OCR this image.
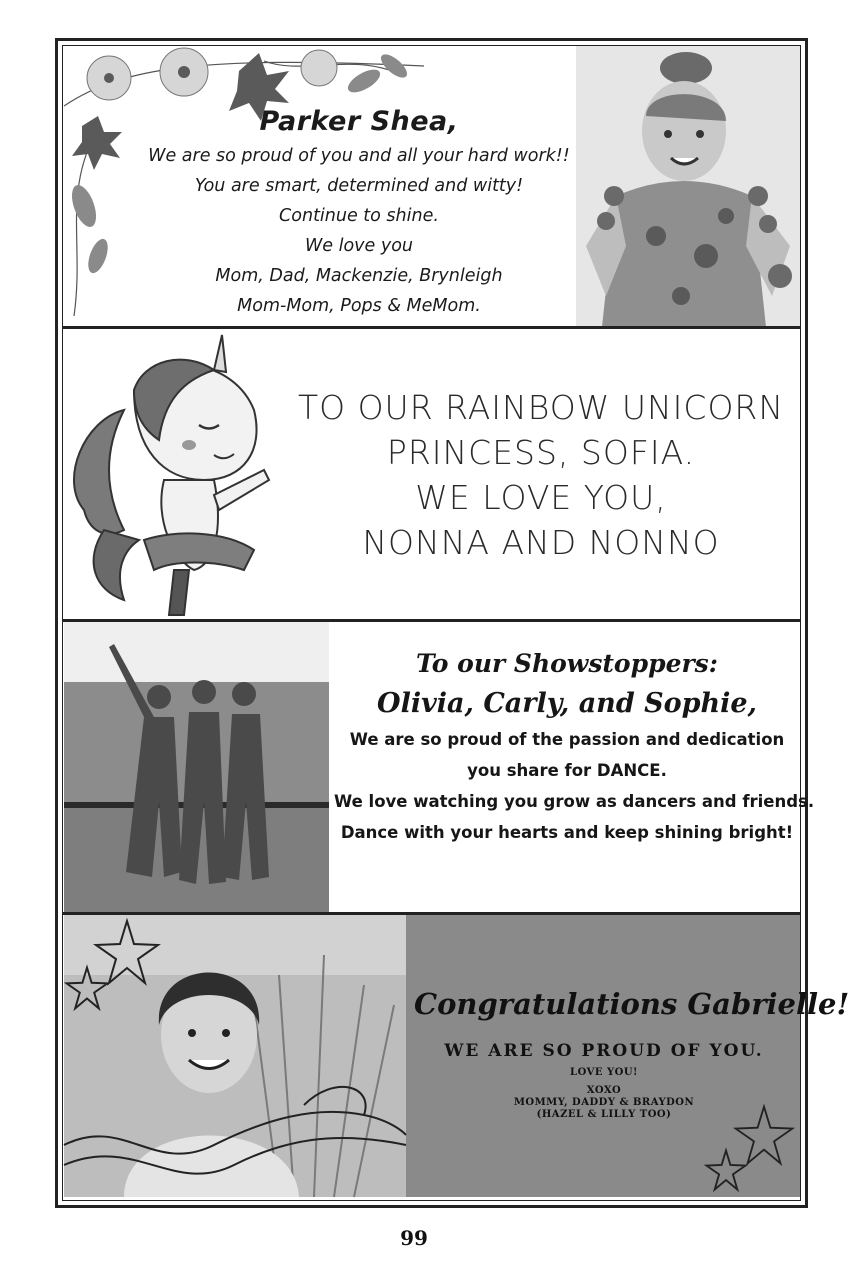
Parker Shea,
We are so proud of you and all your hard work!!
You are smart, determined and witty!
Continue to shine.
We love you
Mom, Dad, Mackenzie, Brynleigh
Mom-Mom, Pops & MeMom.
TO OUR RAINBOW UNICORN
PRINCESS, SOFIA.
WE LOVE YOU,
NONNA AND NONNO
To our Showstoppers:
Olivia, Carly, and Sophie,
We are so proud of the passion and dedication
you share for DANCE.
We love watching you grow as dancers and friends.
Dance with your hearts and keep shining bright!
Congratulations Gabrielle!
WE ARE SO PROUD OF YOU.
LOVE YOU!
XOXO
MOMMY, DADDY & BRAYDON
(HAZEL & LILLY TOO)
99
